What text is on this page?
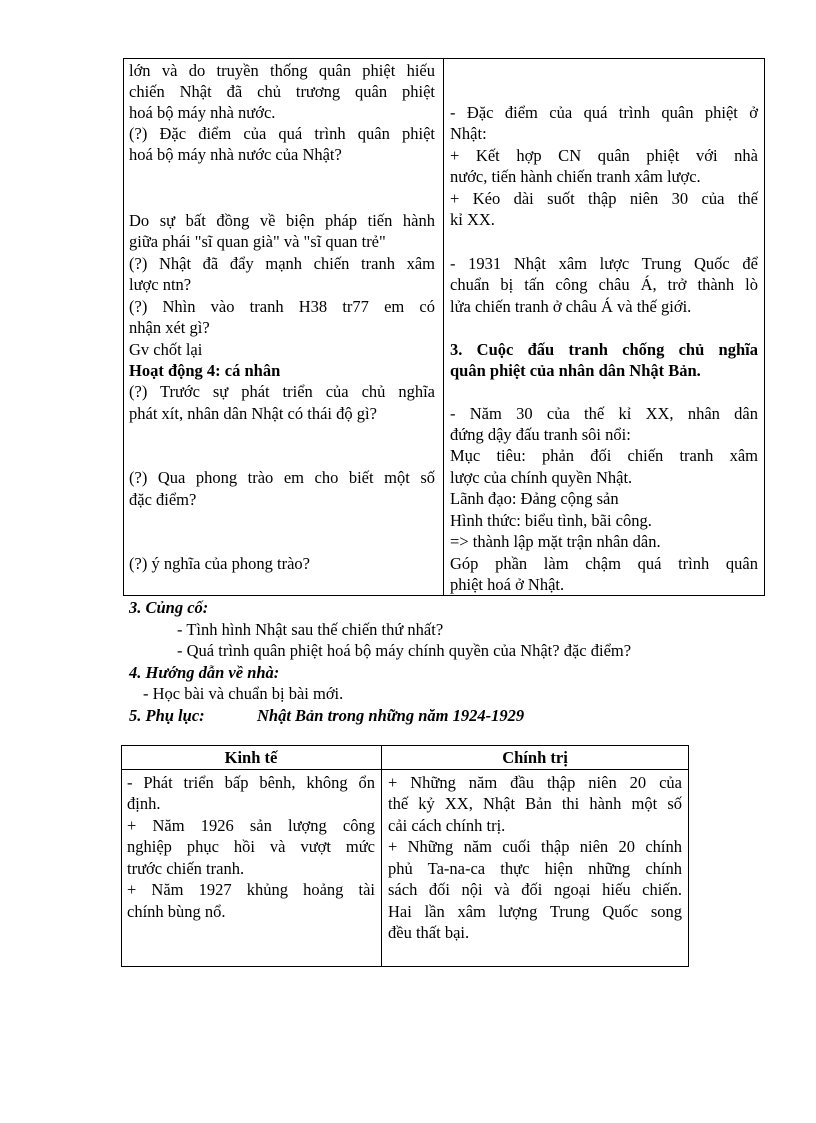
lớn và do truyền thống quân phiệt hiếu
chiến Nhật đã chủ trương quân phiệt
hoá bộ máy nhà nước.
(?) Đặc điểm của quá trình quân phiệt
hoá bộ máy nhà nước của Nhật?
Do sự bất đồng về biện pháp tiến hành
giữa phái "sĩ quan già" và "sĩ quan trẻ"
(?) Nhật đã đẩy mạnh chiến tranh xâm
lược ntn?
(?) Nhìn vào tranh H38 tr77 em có
nhận xét gì?
Gv chốt lại
Hoạt động 4: cá nhân
(?) Trước sự phát triển của chủ nghĩa
phát xít, nhân dân Nhật có thái độ gì?
(?) Qua phong trào em cho biết một số
đặc điểm?
(?) ý nghĩa của phong trào?
- Đặc điểm của quá trình quân phiệt ở
Nhật:
+ Kết hợp CN quân phiệt với nhà
nước, tiến hành chiến tranh xâm lược.
+ Kéo dài suốt thập niên 30 của thế
kỉ XX.
- 1931 Nhật xâm lược Trung Quốc để
chuẩn bị tấn công châu Á, trở thành lò
lửa chiến tranh ở châu Á và thế giới.
3. Cuộc đấu tranh chống chủ nghĩa
quân phiệt của nhân dân Nhật Bản.
- Năm 30 của thế kỉ XX, nhân dân
đứng dậy đấu tranh sôi nổi:
Mục tiêu: phản đối chiến tranh xâm
lược của chính quyền Nhật.
Lãnh đạo: Đảng cộng sản
Hình thức: biểu tình, bãi công.
=> thành lập mặt trận nhân dân.
Góp phần làm chậm quá trình quân
phiệt hoá ở Nhật.
3. Củng cố:
- Tình hình Nhật sau thế chiến thứ nhất?
- Quá trình quân phiệt hoá bộ máy chính quyền của Nhật? đặc điểm?
4. Hướng dẫn về nhà:
- Học bài và chuẩn bị bài mới.
5. Phụ lục:	Nhật Bản trong những năm 1924-1929
Kinh tế	Chính trị
- Phát triển bấp bênh, không ổn
định.
+ Năm 1926 sản lượng công
nghiệp phục hồi và vượt mức
trước chiến tranh.
+ Năm 1927 khủng hoảng tài
chính bùng nổ.
+ Những năm đầu thập niên 20 của
thế kỷ XX, Nhật Bản thi hành một số
cải cách chính trị.
+ Những năm cuối thập niên 20 chính
phủ Ta-na-ca thực hiện những chính
sách đối nội và đối ngoại hiếu chiến.
Hai lần xâm lượng Trung Quốc song
đều thất bại.
